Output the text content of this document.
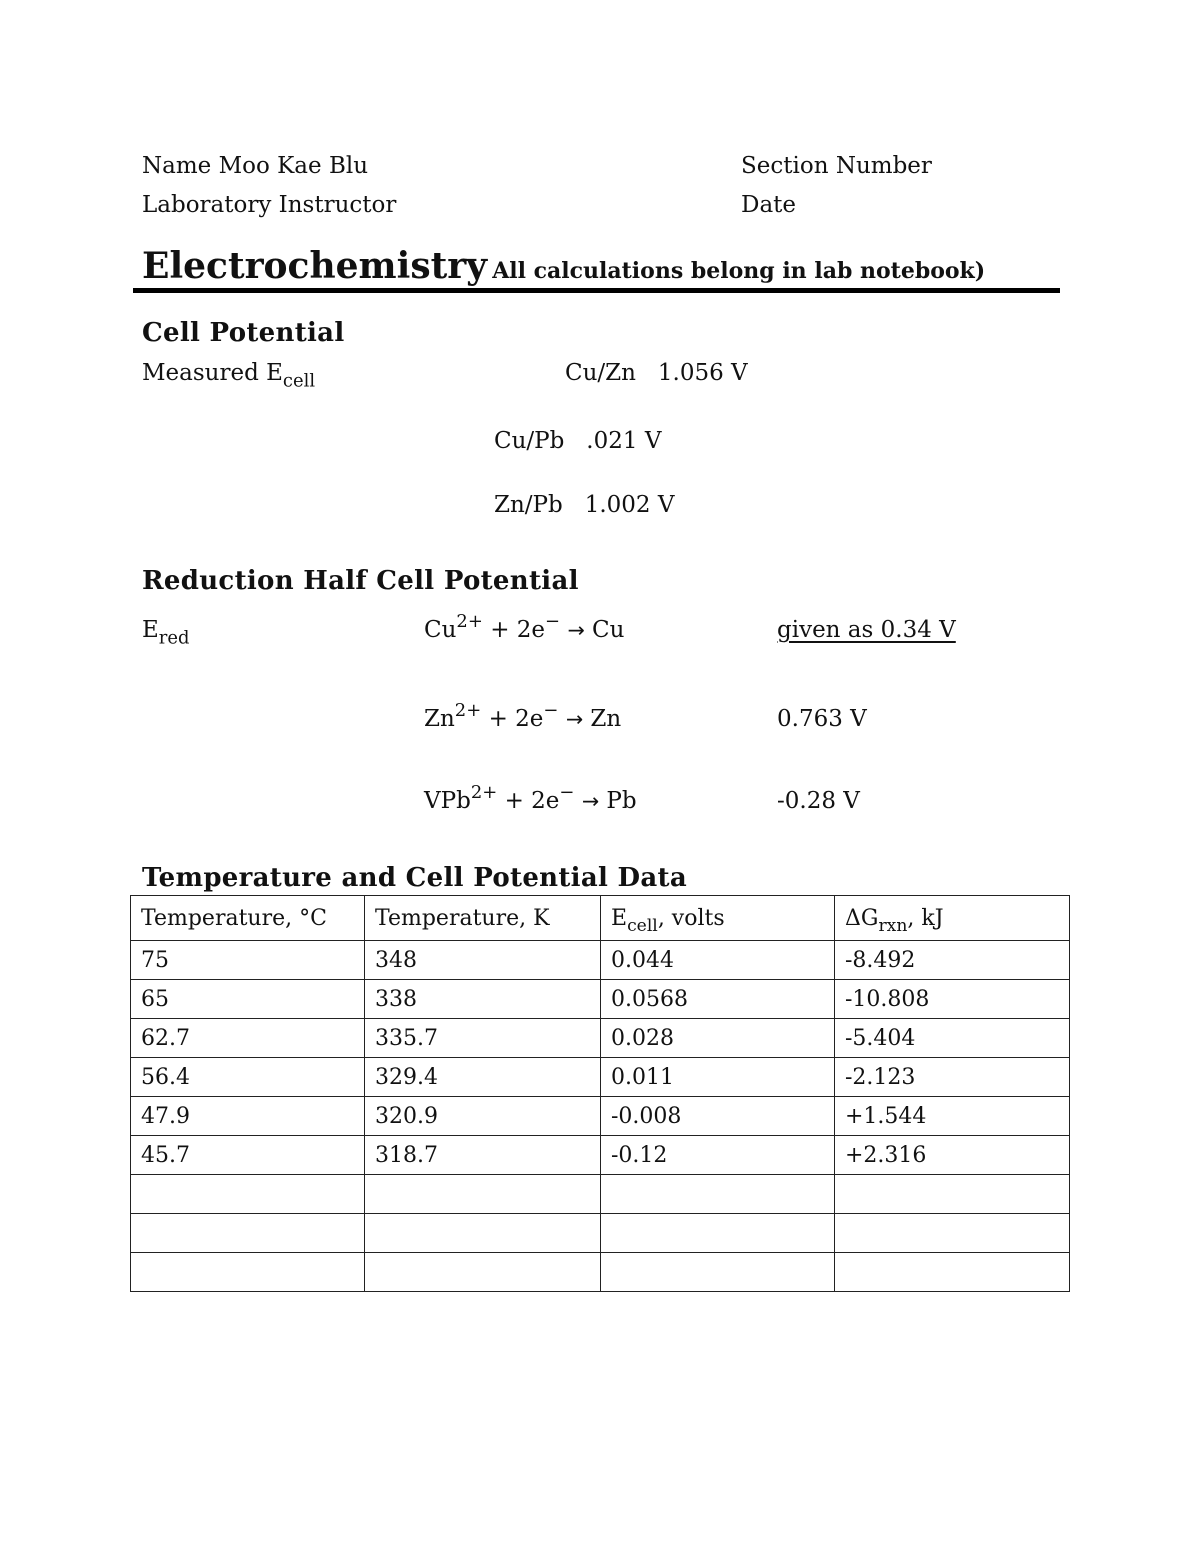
Name Moo Kae Blu	Section Number
Laboratory Instructor	Date
Electrochemistry All calculations belong in lab notebook)
Cell Potential
Measured $E_{cell}$	Cu/Zn 1.056 V
Cu/Pb .021 V
Zn/Pb 1.002 V
Reduction Half Cell Potential
$E_{red}$	$Cu^{2+} + 2e^- \to Cu$	given as 0.34 V
$Zn^{2+} + 2e^- \to Zn$	0.763 V
VPb$^{2+}$ + 2e− → Pb	-0.28 V
Temperature and Cell Potential Data
Temperature, °C	Temperature, K	$E_{cell}$, volts	$\Delta G_{rxn}$, kJ
75	348	0.044	-8.492
65	338	0.0568	-10.808
62.7	335.7	0.028	-5.404
56.4	329.4	0.011	-2.123
47.9	320.9	-0.008	+1.544
45.7	318.7	-0.12	+2.316
